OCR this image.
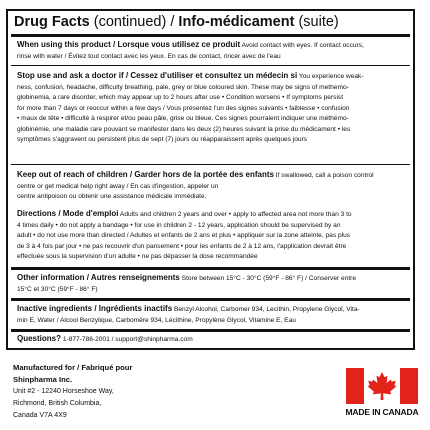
Drug Facts (continued) / Info-médicament (suite)
When using this product / Lorsque vous utilisez ce produit Avoid contact with eyes. If contact occurs,
rinse with water / Évitez tout contact avec les yeux. En cas de contact, rincer avec de l'eau
Stop use and ask a doctor if / Cessez d'utiliser et consultez un médecin si You experience weak-
ness, confusion, headache, difficulty breathing, pale, grey or blue coloured skin. These may be signs of methemo-
globinemia, a rare disorder, which may appear up to 2 hours after use • Condition worsens • If symptoms persist
for more than 7 days or reoccur within a few days / Vous présentez l'un des signes suivants • faiblesse • confusion
• maux de tête • difficulté à respirer et/ou peau pâle, grise ou bleue. Ces signes pourraient indiquer une méthémo-
globinémie, une maladie rare pouvant se manifester dans les deux (2) heures suivant la prise du médicament • les
symptômes s'aggravent ou persistent plus de sept (7) jours ou réapparaissent après quelques jours
Keep out of reach of children / Garder hors de la portée des enfants If swallowed, call a poison control
centre or get medical help right away / En cas d'ingestion, appeler un
centre antipoison ou obtenir une assistance médicale immédiate.
Directions / Mode d'emploi Adults and children 2 years and over • apply to affected area not more than 3 to
4 times daily • do not apply a bandage • for use in children 2 - 12 years, application should be supervised by an
adult • do not use more than directed / Adultes et enfants de 2 ans et plus • appliquer sur la zone atteinte, pas plus
de 3 à 4 fois par jour • ne pas recouvrir d'un pansement • pour les enfants de 2 à 12 ans, l'application devrait être
effectuée sous la supervision d'un adulte • ne pas dépasser la dose recommandée
Other information / Autres renseignements Store between 15°C - 30°C (59°F - 86° F) / Conserver entre
15°C et 30°C (59°F - 86° F)
Inactive ingredients / Ingrédients inactifs Benzyl Alcohol, Carbomer 934, Lecithin, Propylene Glycol, Vita-
min E, Water / Alcool Benzylique, Carbomère 934, Lécithine, Propylène Glycol, Vitamine E, Eau
Questions? 1-877-786-2001 / support@shinpharma.com
Manufactured for / Fabriqué pour
Shinpharma Inc.
Unit #2 - 12240 Horseshoe Way,
Richmond, British Columbia,
Canada V7A 4X9	MADE IN CANADA
